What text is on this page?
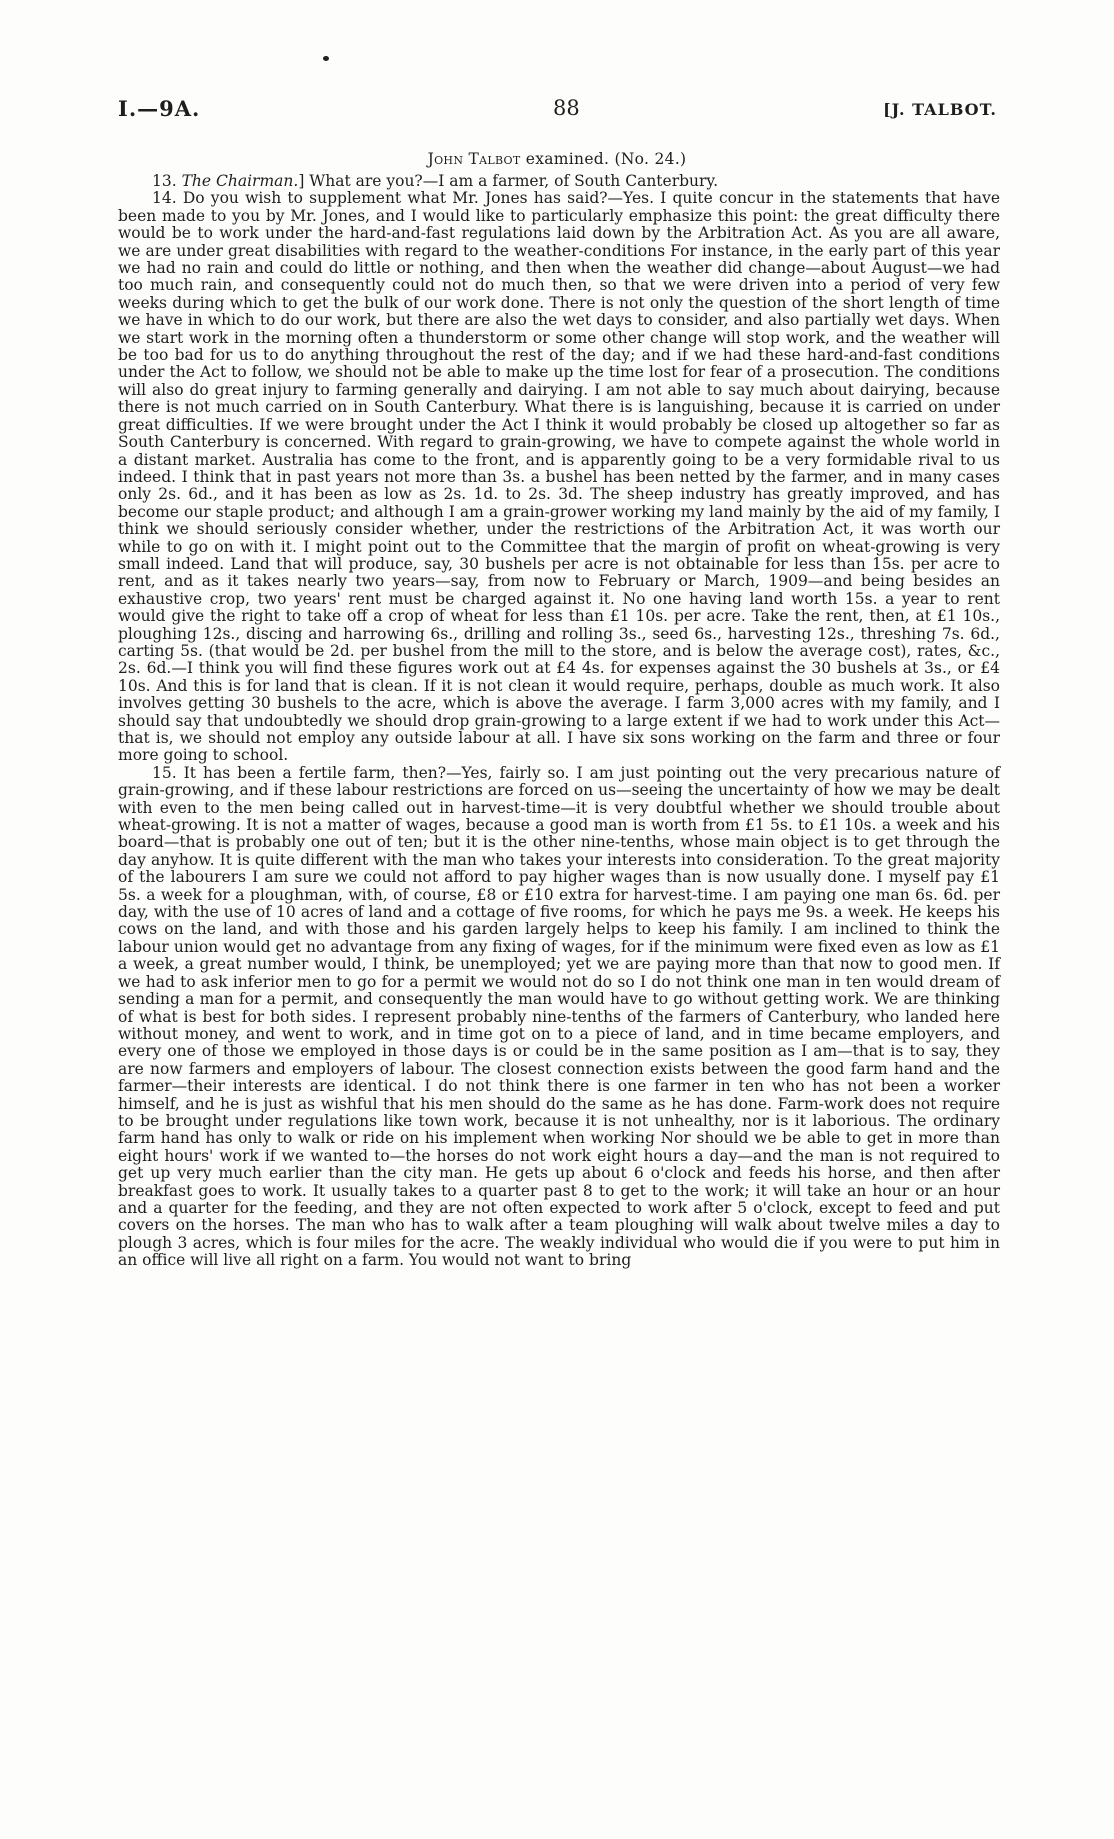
I.—9A.	88	[J. TALBOT.
John Talbot examined. (No. 24.)

13. The Chairman.] What are you?—I am a farmer, of South Canterbury.

14. Do you wish to supplement what Mr. Jones has said?—Yes. I quite concur in the statements that have been made to you by Mr. Jones, and I would like to particularly emphasize this point: the great difficulty there would be to work under the hard-and-fast regulations laid down by the Arbitration Act. As you are all aware, we are under great disabilities with regard to the weather-conditions For instance, in the early part of this year we had no rain and could do little or nothing, and then when the weather did change—about August—we had too much rain, and consequently could not do much then, so that we were driven into a period of very few weeks during which to get the bulk of our work done. There is not only the question of the short length of time we have in which to do our work, but there are also the wet days to consider, and also partially wet days. When we start work in the morning often a thunderstorm or some other change will stop work, and the weather will be too bad for us to do anything throughout the rest of the day; and if we had these hard-and-fast conditions under the Act to follow, we should not be able to make up the time lost for fear of a prosecution. The conditions will also do great injury to farming generally and dairying. I am not able to say much about dairying, because there is not much carried on in South Canterbury. What there is is languishing, because it is carried on under great difficulties. If we were brought under the Act I think it would probably be closed up altogether so far as South Canterbury is concerned. With regard to grain-growing, we have to compete against the whole world in a distant market. Australia has come to the front, and is apparently going to be a very formidable rival to us indeed. I think that in past years not more than 3s. a bushel has been netted by the farmer, and in many cases only 2s. 6d., and it has been as low as 2s. 1d. to 2s. 3d. The sheep industry has greatly improved, and has become our staple product; and although I am a grain-grower working my land mainly by the aid of my family, I think we should seriously consider whether, under the restrictions of the Arbitration Act, it was worth our while to go on with it. I might point out to the Committee that the margin of profit on wheat-growing is very small indeed. Land that will produce, say, 30 bushels per acre is not obtainable for less than 15s. per acre to rent, and as it takes nearly two years—say, from now to February or March, 1909—and being besides an exhaustive crop, two years' rent must be charged against it. No one having land worth 15s. a year to rent would give the right to take off a crop of wheat for less than £1 10s. per acre. Take the rent, then, at £1 10s., ploughing 12s., discing and harrowing 6s., drilling and rolling 3s., seed 6s., harvesting 12s., threshing 7s. 6d., carting 5s. (that would be 2d. per bushel from the mill to the store, and is below the average cost), rates, &c., 2s. 6d.—I think you will find these figures work out at £4 4s. for expenses against the 30 bushels at 3s., or £4 10s. And this is for land that is clean. If it is not clean it would require, perhaps, double as much work. It also involves getting 30 bushels to the acre, which is above the average. I farm 3,000 acres with my family, and I should say that undoubtedly we should drop grain-growing to a large extent if we had to work under this Act—that is, we should not employ any outside labour at all. I have six sons working on the farm and three or four more going to school.

15. It has been a fertile farm, then?—Yes, fairly so. I am just pointing out the very precarious nature of grain-growing, and if these labour restrictions are forced on us—seeing the uncertainty of how we may be dealt with even to the men being called out in harvest-time—it is very doubtful whether we should trouble about wheat-growing. It is not a matter of wages, because a good man is worth from £1 5s. to £1 10s. a week and his board—that is probably one out of ten; but it is the other nine-tenths, whose main object is to get through the day anyhow. It is quite different with the man who takes your interests into consideration. To the great majority of the labourers I am sure we could not afford to pay higher wages than is now usually done. I myself pay £1 5s. a week for a ploughman, with, of course, £8 or £10 extra for harvest-time. I am paying one man 6s. 6d. per day, with the use of 10 acres of land and a cottage of five rooms, for which he pays me 9s. a week. He keeps his cows on the land, and with those and his garden largely helps to keep his family. I am inclined to think the labour union would get no advantage from any fixing of wages, for if the minimum were fixed even as low as £1 a week, a great number would, I think, be unemployed; yet we are paying more than that now to good men. If we had to ask inferior men to go for a permit we would not do so I do not think one man in ten would dream of sending a man for a permit, and consequently the man would have to go without getting work. We are thinking of what is best for both sides. I represent probably nine-tenths of the farmers of Canterbury, who landed here without money, and went to work, and in time got on to a piece of land, and in time became employers, and every one of those we employed in those days is or could be in the same position as I am—that is to say, they are now farmers and employers of labour. The closest connection exists between the good farm hand and the farmer—their interests are identical. I do not think there is one farmer in ten who has not been a worker himself, and he is just as wishful that his men should do the same as he has done. Farm-work does not require to be brought under regulations like town work, because it is not unhealthy, nor is it laborious. The ordinary farm hand has only to walk or ride on his implement when working Nor should we be able to get in more than eight hours' work if we wanted to—the horses do not work eight hours a day—and the man is not required to get up very much earlier than the city man. He gets up about 6 o'clock and feeds his horse, and then after breakfast goes to work. It usually takes to a quarter past 8 to get to the work; it will take an hour or an hour and a quarter for the feeding, and they are not often expected to work after 5 o'clock, except to feed and put covers on the horses. The man who has to walk after a team ploughing will walk about twelve miles a day to plough 3 acres, which is four miles for the acre. The weakly individual who would die if you were to put him in an office will live all right on a farm. You would not want to bring
